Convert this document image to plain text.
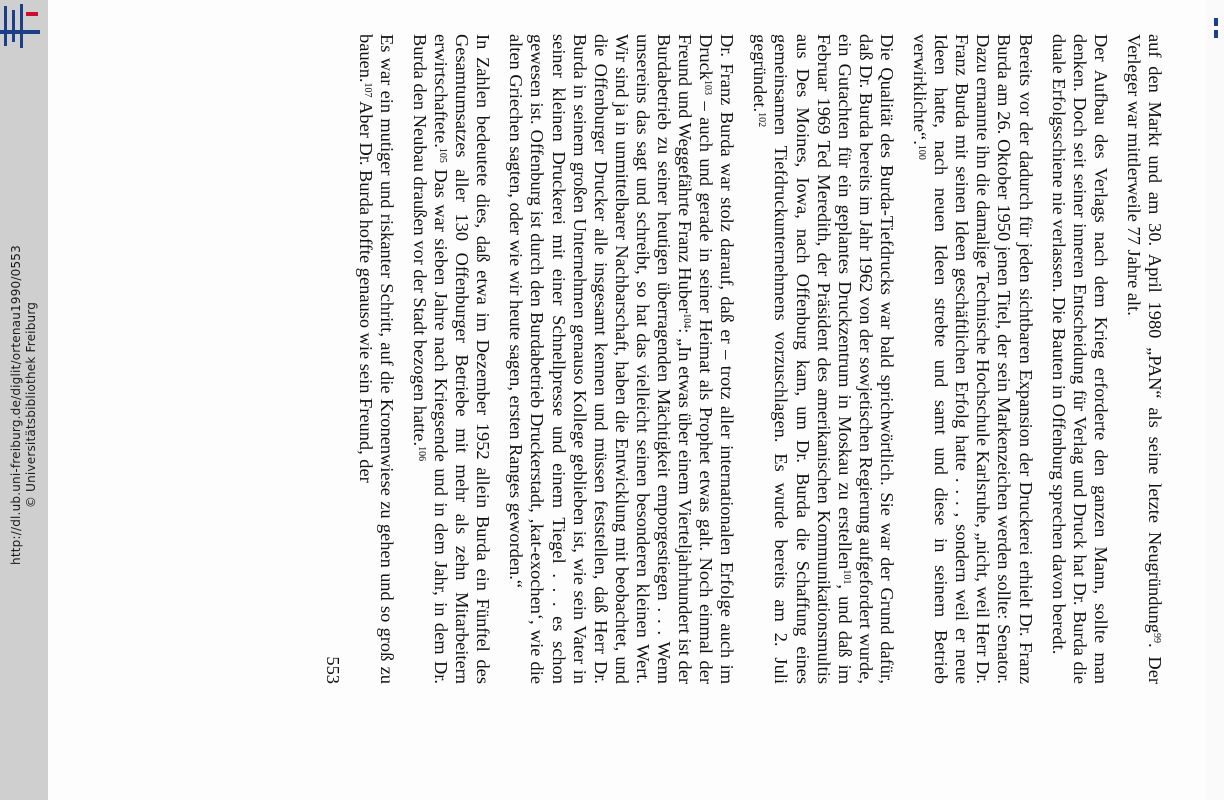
http://dl.ub.uni-freiburg.de/diglit/ortenau1990/0553 © Universitätsbibliothek Freiburg	auf den Markt und am 30. April 1980 „PAN“ als seine letzte Neugründung$^{99}$. Der Verleger war mittlerweile 77 Jahre alt.

Der Aufbau des Verlags nach dem Krieg erforderte den ganzen Mann, sollte man denken. Doch seit seiner inneren Entscheidung für Verlag und Druck hat Dr. Burda die duale Erfolgsschiene nie verlassen. Die Bauten in Offenburg sprechen davon beredt.

Bereits vor der dadurch für jeden sichtbaren Expansion der Druckerei erhielt Dr. Franz Burda am 26. Oktober 1950 jenen Titel, der sein Markenzeichen werden sollte: Senator. Dazu ernannte ihn die damalige Technische Hochschule Karlsruhe, „nicht, weil Herr Dr. Franz Burda mit seinen Ideen geschäftlichen Erfolg hatte . . . , sondern weil er neue Ideen hatte, nach neuen Ideen strebte und samt und diese in seinem Betrieb verwirklichte“.$^{100}$

Die Qualität des Burda-Tiefdrucks war bald sprichwörtlich. Sie war der Grund dafür, daß Dr. Burda bereits im Jahr 1962 von der sowjetischen Regierung aufgefordert wurde, ein Gutachten für ein geplantes Druckzentrum in Moskau zu erstellen$^{101}$, und daß im Februar 1969 Ted Meredith, der Präsident des amerikanischen Kommunikationsmultis aus Des Moines, Iowa, nach Offenburg kam, um Dr. Burda die Schaffung eines gemeinsamen Tiefdruckunternehmens vorzuschlagen. Es wurde bereits am 2. Juli gegründet.$^{102}$

Dr. Franz Burda war stolz darauf, daß er – trotz aller internationalen Erfolge auch im Druck$^{103}$ – auch und gerade in seiner Heimat als Prophet etwas galt. Noch einmal der Freund und Weggefährte Franz Huber$^{104}$: „In etwas über einem Vierteljahrhundert ist der Burdabetrieb zu seiner heutigen überragenden Mächtigkeit emporgestiegen . . . Wenn unsereins das sagt und schreibt, so hat das vielleicht seinen besonderen kleinen Wert. Wir sind ja in unmittelbarer Nachbarschaft, haben die Entwicklung mit beobachtet, und die Offenburger Drucker alle insgesamt kennen und müssen feststellen, daß Herr Dr. Burda in seinem großen Unternehmen genauso Kollege geblieben ist, wie sein Vater in seiner kleinen Druckerei mit einer Schnellpresse und einem Tiegel . . . es schon gewesen ist. Offenburg ist durch den Burdabetrieb Druckerstadt, ‚kat-exochen‘, wie die alten Griechen sagten, oder wie wir heute sagen, ersten Ranges geworden.“

In Zahlen bedeutete dies, daß etwa im Dezember 1952 allein Burda ein Fünftel des Gesamtumsatzes aller 130 Offenburger Betriebe mit mehr als zehn Mitarbeitern erwirtschaftete.$^{105}$ Das war sieben Jahre nach Kriegsende und in dem Jahr, in dem Dr. Burda den Neubau draußen vor der Stadt bezogen hatte.$^{106}$

Es war ein mutiger und riskanter Schritt, auf die Kronenwiese zu gehen und so groß zu bauen.$^{107}$ Aber Dr. Burda hoffte genauso wie sein Freund, der

553
